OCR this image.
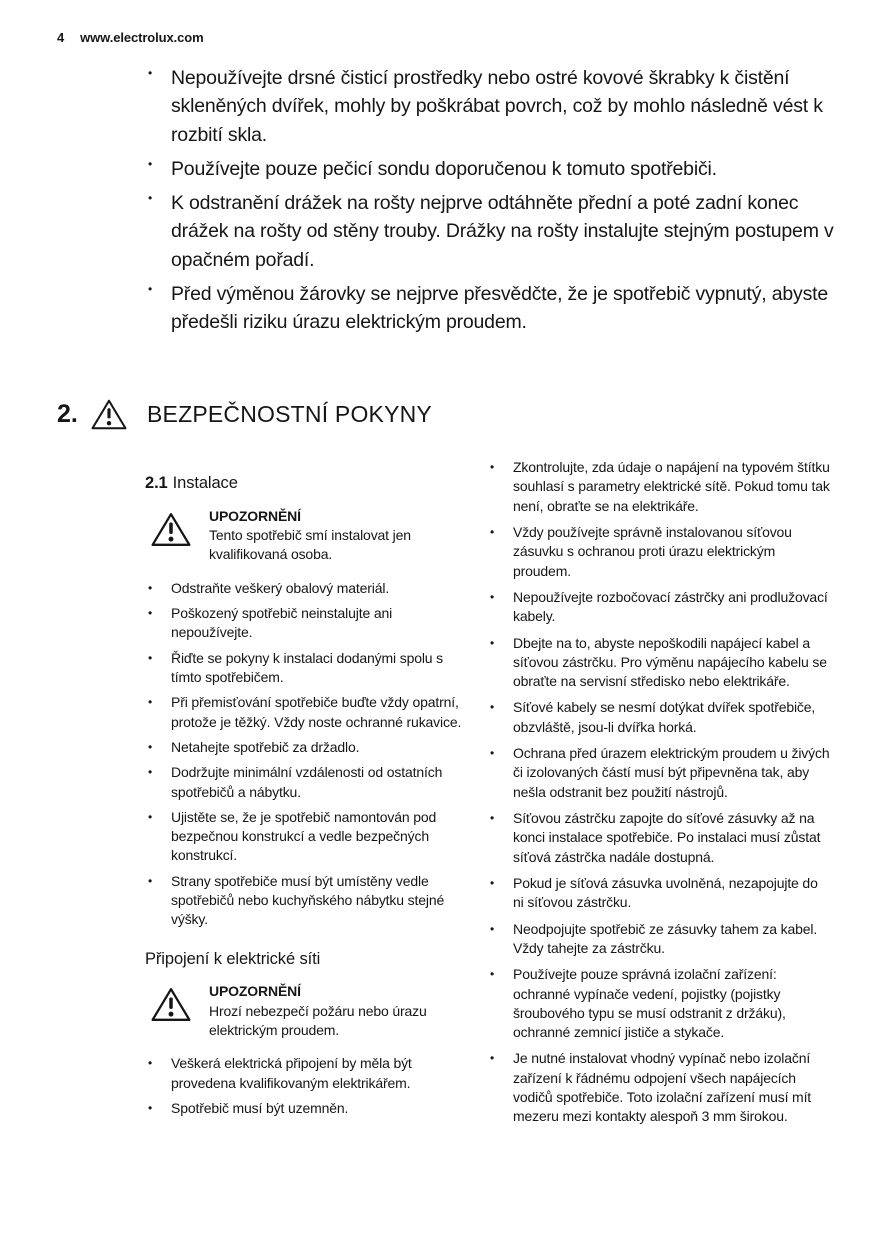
4 www.electrolux.com
• Nepoužívejte drsné čisticí prostředky nebo ostré kovové škrabky k čistění skleněných dvířek, mohly by poškrábat povrch, což by mohlo následně vést k rozbití skla.
• Používejte pouze pečicí sondu doporučenou k tomuto spotřebiči.
• K odstranění drážek na rošty nejprve odtáhněte přední a poté zadní konec drážek na rošty od stěny trouby. Drážky na rošty instalujte stejným postupem v opačném pořadí.
• Před výměnou žárovky se nejprve přesvědčte, že je spotřebič vypnutý, abyste předešli riziku úrazu elektrickým proudem.
2.	BEZPEČNOSTNÍ POKYNY
2.1 Instalace
UPOZORNĚNÍ
Tento spotřebič smí instalovat jen kvalifikovaná osoba.
•	Odstraňte veškerý obalový materiál.
•	Poškozený spotřebič neinstalujte ani nepoužívejte.
•	Řiďte se pokyny k instalaci dodanými spolu s tímto spotřebičem.
•	Při přemisťování spotřebiče buďte vždy opatrní, protože je těžký. Vždy noste ochranné rukavice.
•	Netahejte spotřebič za držadlo.
•	Dodržujte minimální vzdálenosti od ostatních spotřebičů a nábytku.
•	Ujistěte se, že je spotřebič namontován pod bezpečnou konstrukcí a vedle bezpečných konstrukcí.
•	Strany spotřebiče musí být umístěny vedle spotřebičů nebo kuchyňského nábytku stejné výšky.
Připojení k elektrické síti
UPOZORNĚNÍ
Hrozí nebezpečí požáru nebo úrazu elektrickým proudem.
•	Veškerá elektrická připojení by měla být provedena kvalifikovaným elektrikářem.
•	Spotřebič musí být uzemněn.
•	Zkontrolujte, zda údaje o napájení na typovém štítku souhlasí s parametry elektrické sítě. Pokud tomu tak není, obraťte se na elektrikáře.
•	Vždy používejte správně instalovanou síťovou zásuvku s ochranou proti úrazu elektrickým proudem.
•	Nepoužívejte rozbočovací zástrčky ani prodlužovací kabely.
•	Dbejte na to, abyste nepoškodili napájecí kabel a síťovou zástrčku. Pro výměnu napájecího kabelu se obraťte na servisní středisko nebo elektrikáře.
•	Síťové kabely se nesmí dotýkat dvířek spotřebiče, obzvláště, jsou-li dvířka horká.
•	Ochrana před úrazem elektrickým proudem u živých či izolovaných částí musí být připevněna tak, aby nešla odstranit bez použití nástrojů.
•	Síťovou zástrčku zapojte do síťové zásuvky až na konci instalace spotřebiče. Po instalaci musí zůstat síťová zástrčka nadále dostupná.
•	Pokud je síťová zásuvka uvolněná, nezapojujte do ni síťovou zástrčku.
•	Neodpojujte spotřebič ze zásuvky tahem za kabel. Vždy tahejte za zástrčku.
•	Používejte pouze správná izolační zařízení: ochranné vypínače vedení, pojistky (pojistky šroubového typu se musí odstranit z držáku), ochranné zemnicí jističe a stykače.
•	Je nutné instalovat vhodný vypínač nebo izolační zařízení k řádnému odpojení všech napájecích vodičů spotřebiče. Toto izolační zařízení musí mít mezeru mezi kontakty alespoň 3 mm širokou.
